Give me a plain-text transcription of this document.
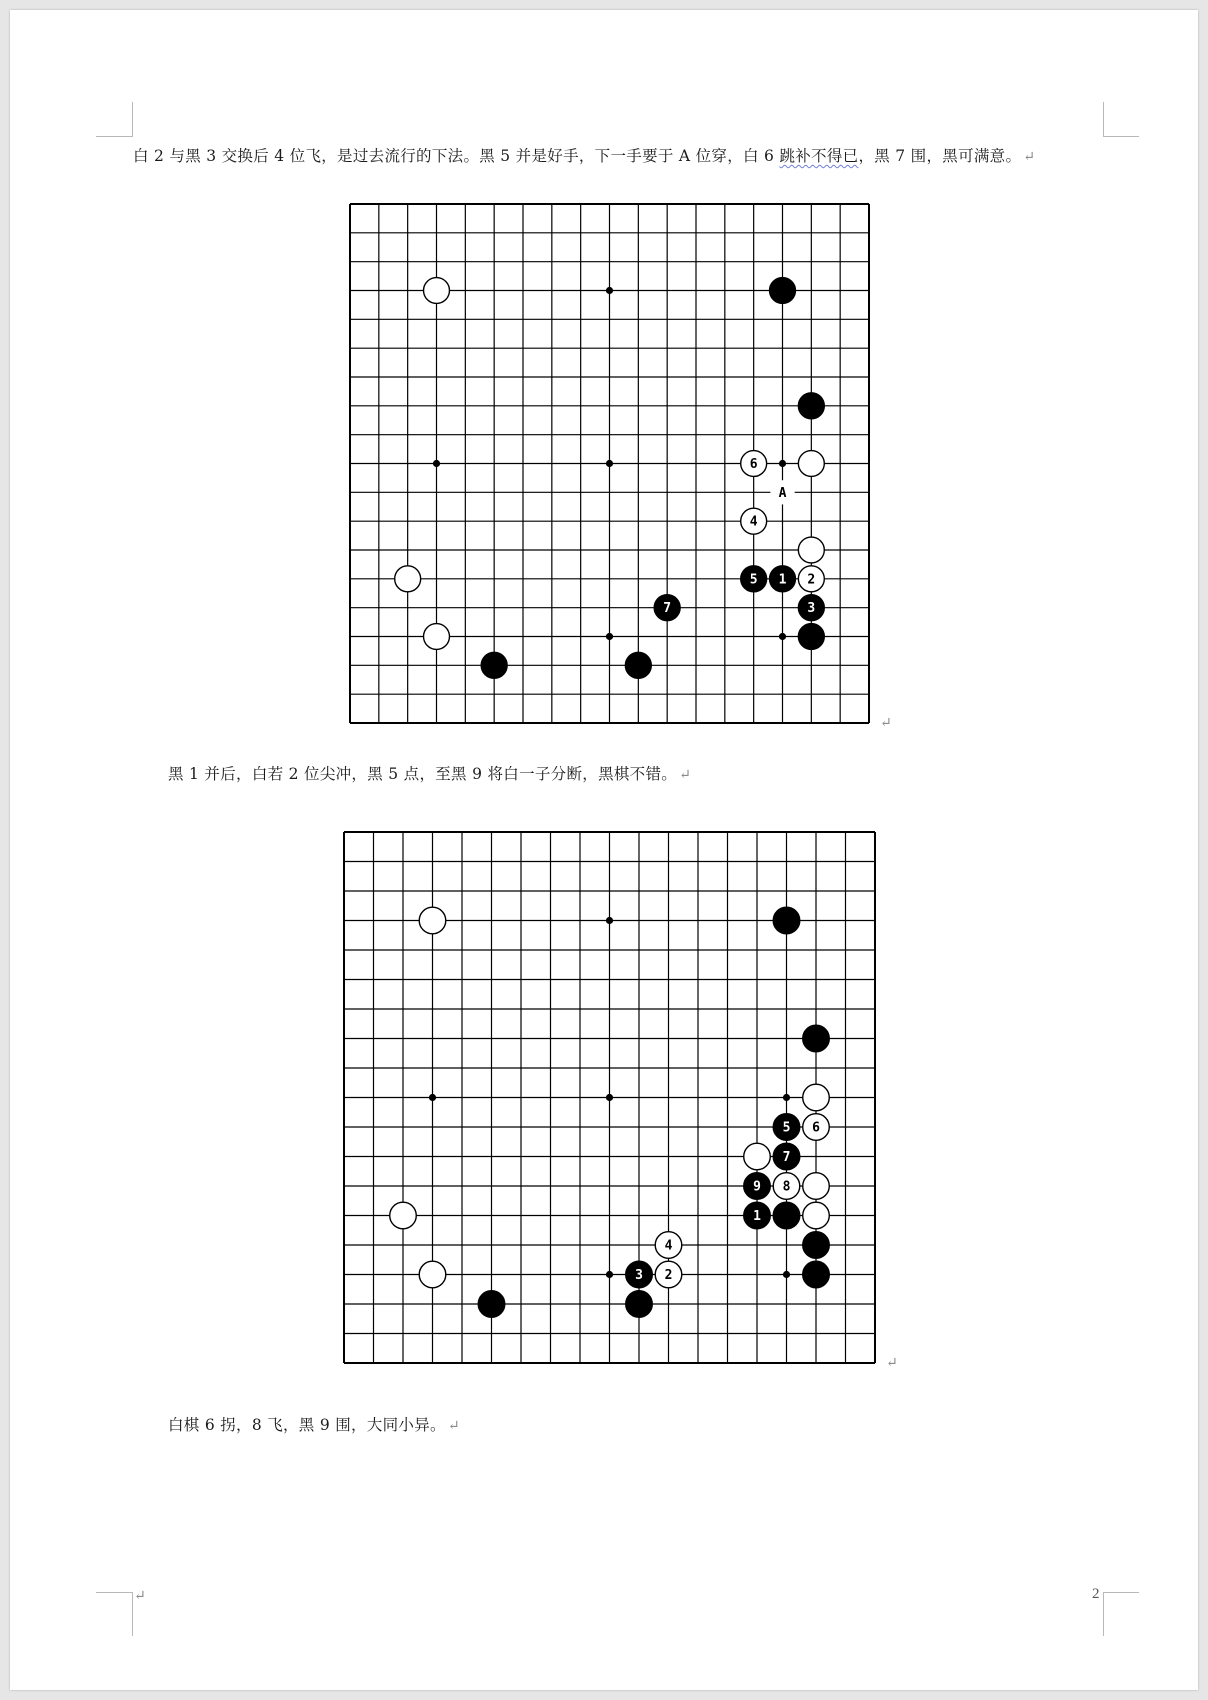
白 2 与黑 3 交换后 4 位飞，是过去流行的下法。黑 5 并是好手，下一手要于 A 位穿，白 6 跳补不得已，黑 7 围，黑可满意。 ↵

A
6
4
5 1 2
7	3
↵

黑 1 并后，白若 2 位尖冲，黑 5 点，至黑 9 将白一子分断，黑棋不错。 ↵

5 6
7
9 8
1
4
3 2
↵

白棋 6 拐，8 飞，黑 9 围，大同小异。 ↵

↵	2
